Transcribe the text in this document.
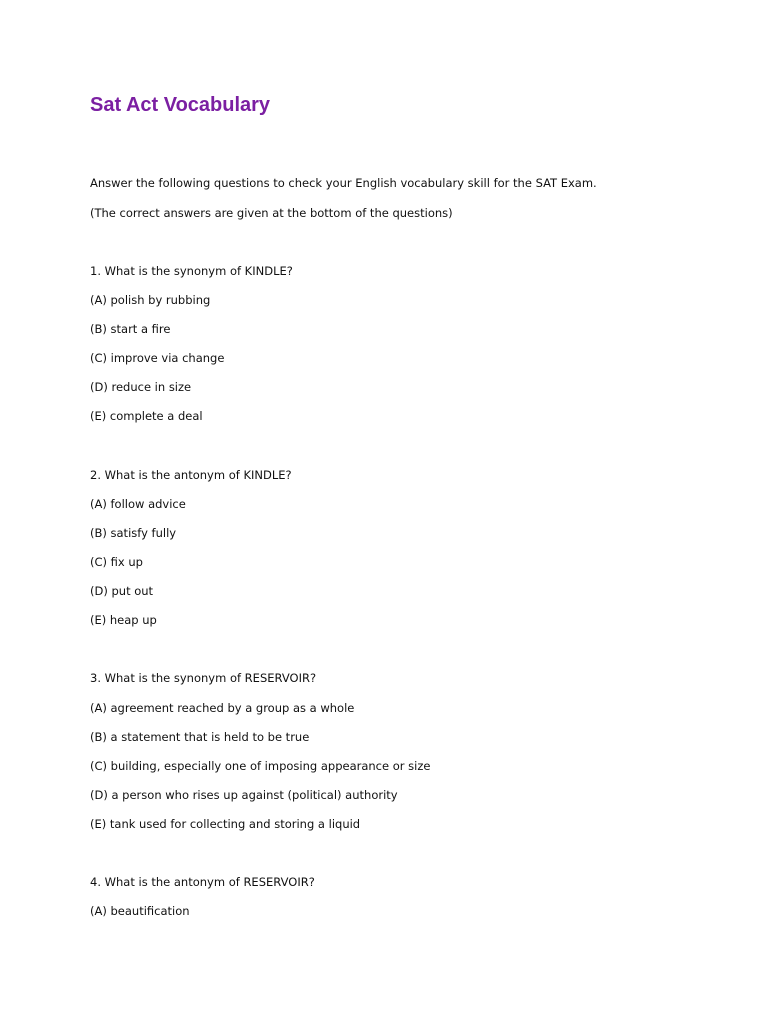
Sat Act Vocabulary

Answer the following questions to check your English vocabulary skill for the SAT Exam.

(The correct answers are given at the bottom of the questions)

1. What is the synonym of KINDLE?

(A) polish by rubbing

(B) start a fire

(C) improve via change

(D) reduce in size

(E) complete a deal

2. What is the antonym of KINDLE?

(A) follow advice

(B) satisfy fully

(C) fix up

(D) put out

(E) heap up

3. What is the synonym of RESERVOIR?

(A) agreement reached by a group as a whole

(B) a statement that is held to be true

(C) building, especially one of imposing appearance or size

(D) a person who rises up against (political) authority

(E) tank used for collecting and storing a liquid

4. What is the antonym of RESERVOIR?

(A) beautification
